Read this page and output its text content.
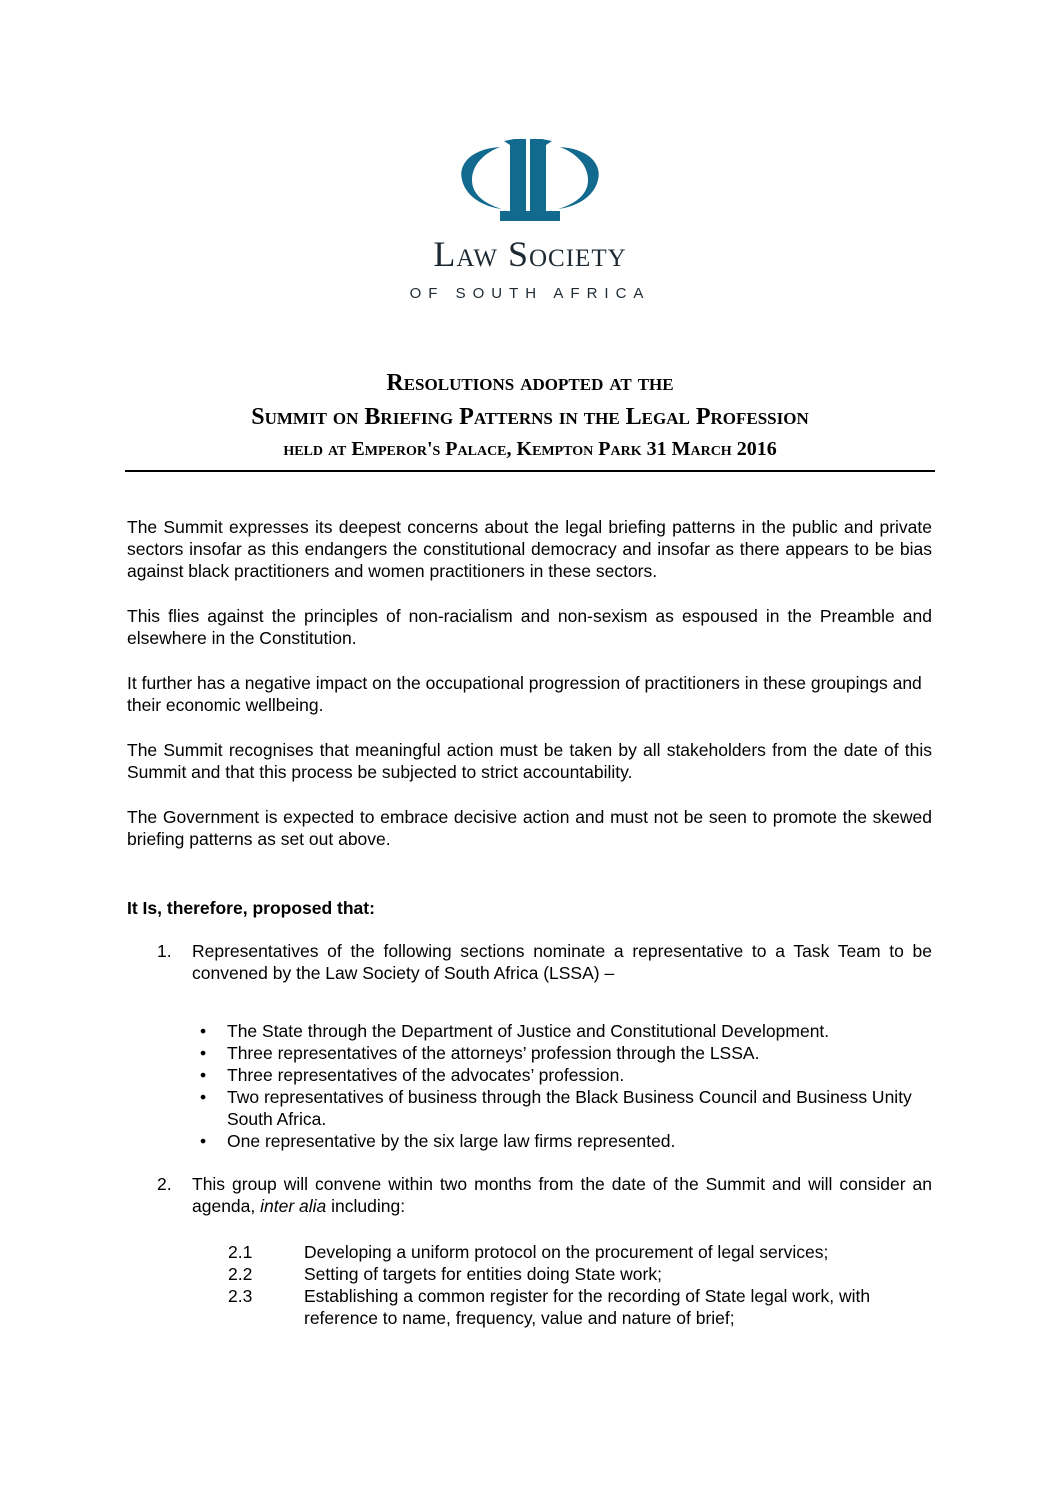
Law Society
OF SOUTH AFRICA
Resolutions adopted at the
Summit on Briefing Patterns in the Legal Profession
held at Emperor's Palace, Kempton Park 31 March 2016
The Summit expresses its deepest concerns about the legal briefing patterns in the public and private sectors insofar as this endangers the constitutional democracy and insofar as there appears to be bias against black practitioners and women practitioners in these sectors.
This flies against the principles of non-racialism and non-sexism as espoused in the Preamble and elsewhere in the Constitution.
It further has a negative impact on the occupational progression of practitioners in these groupings and their economic wellbeing.
The Summit recognises that meaningful action must be taken by all stakeholders from the date of this Summit and that this process be subjected to strict accountability.
The Government is expected to embrace decisive action and must not be seen to promote the skewed briefing patterns as set out above.
It Is, therefore, proposed that:
1. Representatives of the following sections nominate a representative to a Task Team to be convened by the Law Society of South Africa (LSSA) –
• The State through the Department of Justice and Constitutional Development.
• Three representatives of the attorneys’ profession through the LSSA.
• Three representatives of the advocates’ profession.
• Two representatives of business through the Black Business Council and Business Unity South Africa.
• One representative by the six large law firms represented.
2. This group will convene within two months from the date of the Summit and will consider an agenda, inter alia including:
2.1	Developing a uniform protocol on the procurement of legal services;
2.2	Setting of targets for entities doing State work;
2.3	Establishing a common register for the recording of State legal work, with reference to name, frequency, value and nature of brief;
